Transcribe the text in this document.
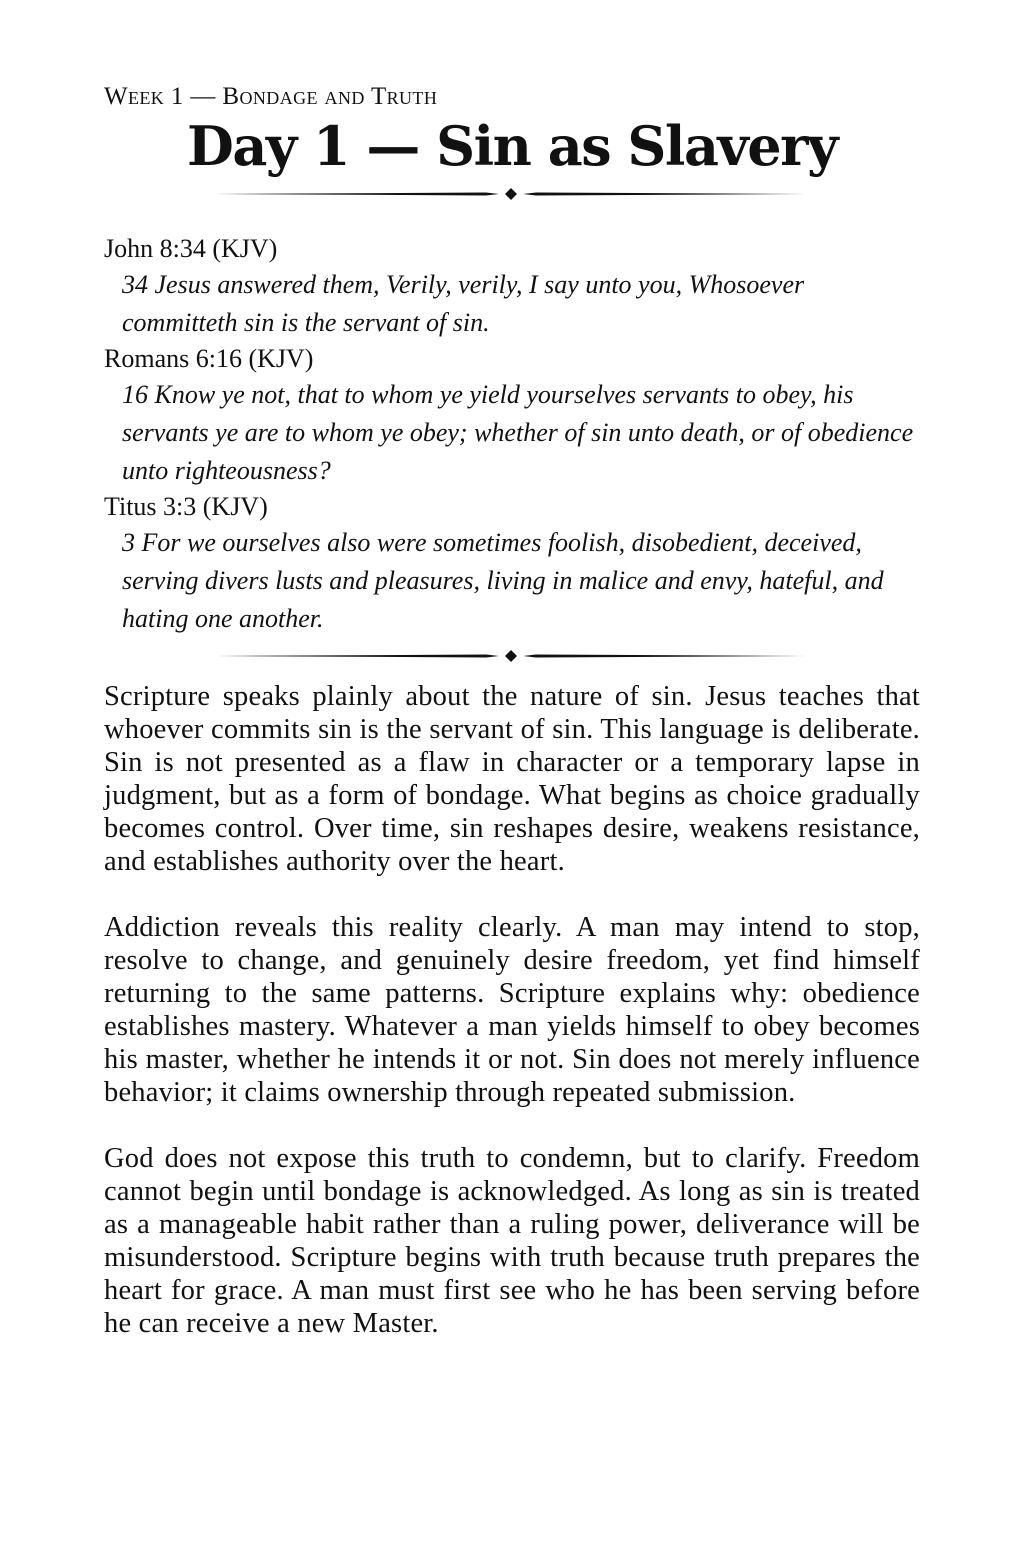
Week 1 — Bondage and Truth

Day 1 — Sin as Slavery

John 8:34 (KJV)

34 Jesus answered them, Verily, verily, I say unto you, Whosoever committeth sin is the servant of sin.

Romans 6:16 (KJV)

16 Know ye not, that to whom ye yield yourselves servants to obey, his servants ye are to whom ye obey; whether of sin unto death, or of obedience unto righteousness?

Titus 3:3 (KJV)

3 For we ourselves also were sometimes foolish, disobedient, deceived, serving divers lusts and pleasures, living in malice and envy, hateful, and hating one another.

Scripture speaks plainly about the nature of sin. Jesus teaches that whoever commits sin is the servant of sin. This language is deliberate. Sin is not presented as a flaw in character or a temporary lapse in judgment, but as a form of bondage. What begins as choice gradually becomes control. Over time, sin reshapes desire, weakens resistance, and establishes authority over the heart.

Addiction reveals this reality clearly. A man may intend to stop, resolve to change, and genuinely desire freedom, yet find himself returning to the same patterns. Scripture explains why: obedience establishes mastery. Whatever a man yields himself to obey becomes his master, whether he intends it or not. Sin does not merely influence behavior; it claims ownership through repeated submission.

God does not expose this truth to condemn, but to clarify. Freedom cannot begin until bondage is acknowledged. As long as sin is treated as a manageable habit rather than a ruling power, deliverance will be misunderstood. Scripture begins with truth because truth prepares the heart for grace. A man must first see who he has been serving before he can receive a new Master.
